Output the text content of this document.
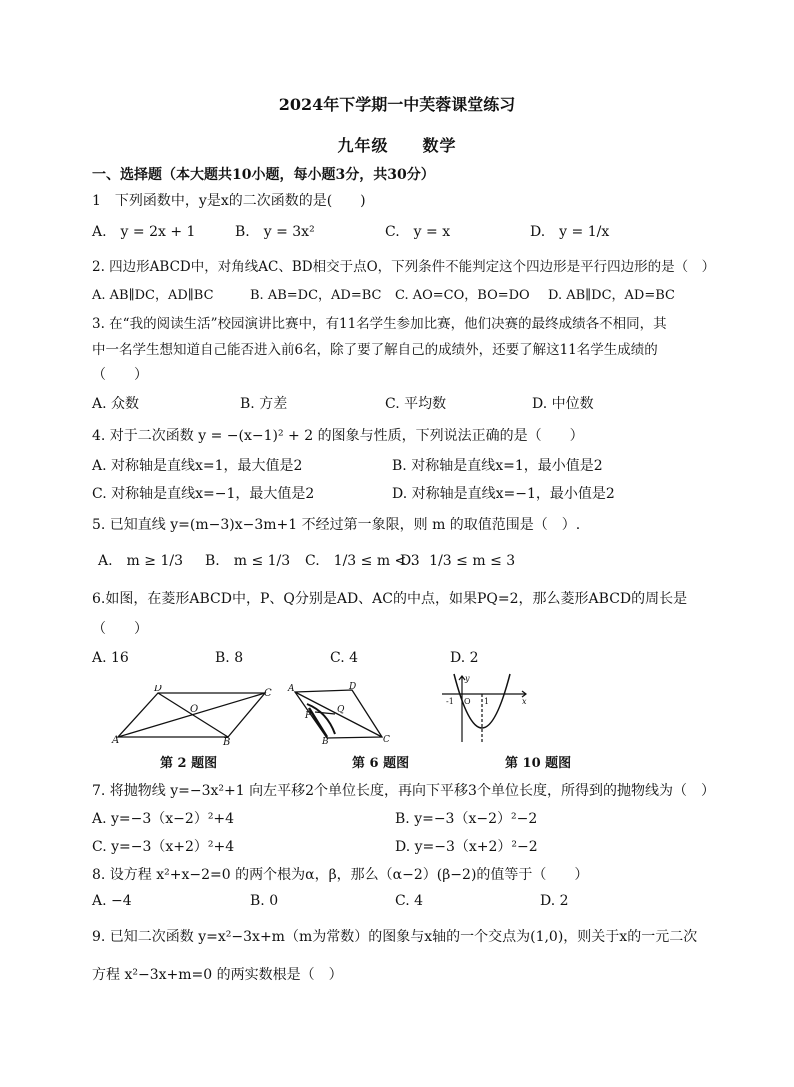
2024年下学期一中芙蓉课堂练习
九年级　　数学
一、选择题（本大题共10小题，每小题3分，共30分）
1　下列函数中，y是x的二次函数的是(　　)
A.　y = 2x + 1	B.　y = 3x²	C.　y = x	D.　y = 1/x
2. 四边形ABCD中，对角线AC、BD相交于点O，下列条件不能判定这个四边形是平行四边形的是（　）
A. AB∥DC，AD∥BC	B. AB=DC，AD=BC C. AO=CO，BO=DO D. AB∥DC，AD=BC
3. 在“我的阅读生活”校园演讲比赛中，有11名学生参加比赛，他们决赛的最终成绩各不相同，其
中一名学生想知道自己能否进入前6名，除了要了解自己的成绩外，还要了解这11名学生成绩的
（　　）
A. 众数	B. 方差	C. 平均数	D. 中位数
4. 对于二次函数 y = −(x−1)² + 2 的图象与性质，下列说法正确的是（　　）
A. 对称轴是直线x=1，最大值是2	B. 对称轴是直线x=1，最小值是2
C. 对称轴是直线x=−1，最大值是2	D. 对称轴是直线x=−1，最小值是2
5. 已知直线 y=(m−3)x−3m+1 不经过第一象限，则 m 的取值范围是（　）.
A.　m ≥ 1/3 B.　m ≤ 1/3 C.　1/3 ≤ m < 3
D.　1/3 ≤ m ≤ 3
6.如图，在菱形ABCD中，P、Q分别是AD、AC的中点，如果PQ=2，那么菱形ABCD的周长是
（　　）
A. 16	B. 8	C. 4	D. 2
D	C
O
A	B
第 2 题图
A	D
P
Q
B	C
第 6 题图
y
x
-1 O 1
第 10 题图
7. 将抛物线 y=−3x²+1 向左平移2个单位长度，再向下平移3个单位长度，所得到的抛物线为（　）
A. y=−3（x−2）²+4	B. y=−3（x−2）²−2
C. y=−3（x+2）²+4	D. y=−3（x+2）²−2
8. 设方程 x²+x−2=0 的两个根为α，β，那么（α−2）(β−2)的值等于（　　）
A. −4	B. 0	C. 4	D. 2
9. 已知二次函数 y=x²−3x+m（m为常数）的图象与x轴的一个交点为(1,0)，则关于x的一元二次
方程 x²−3x+m=0 的两实数根是（　）
